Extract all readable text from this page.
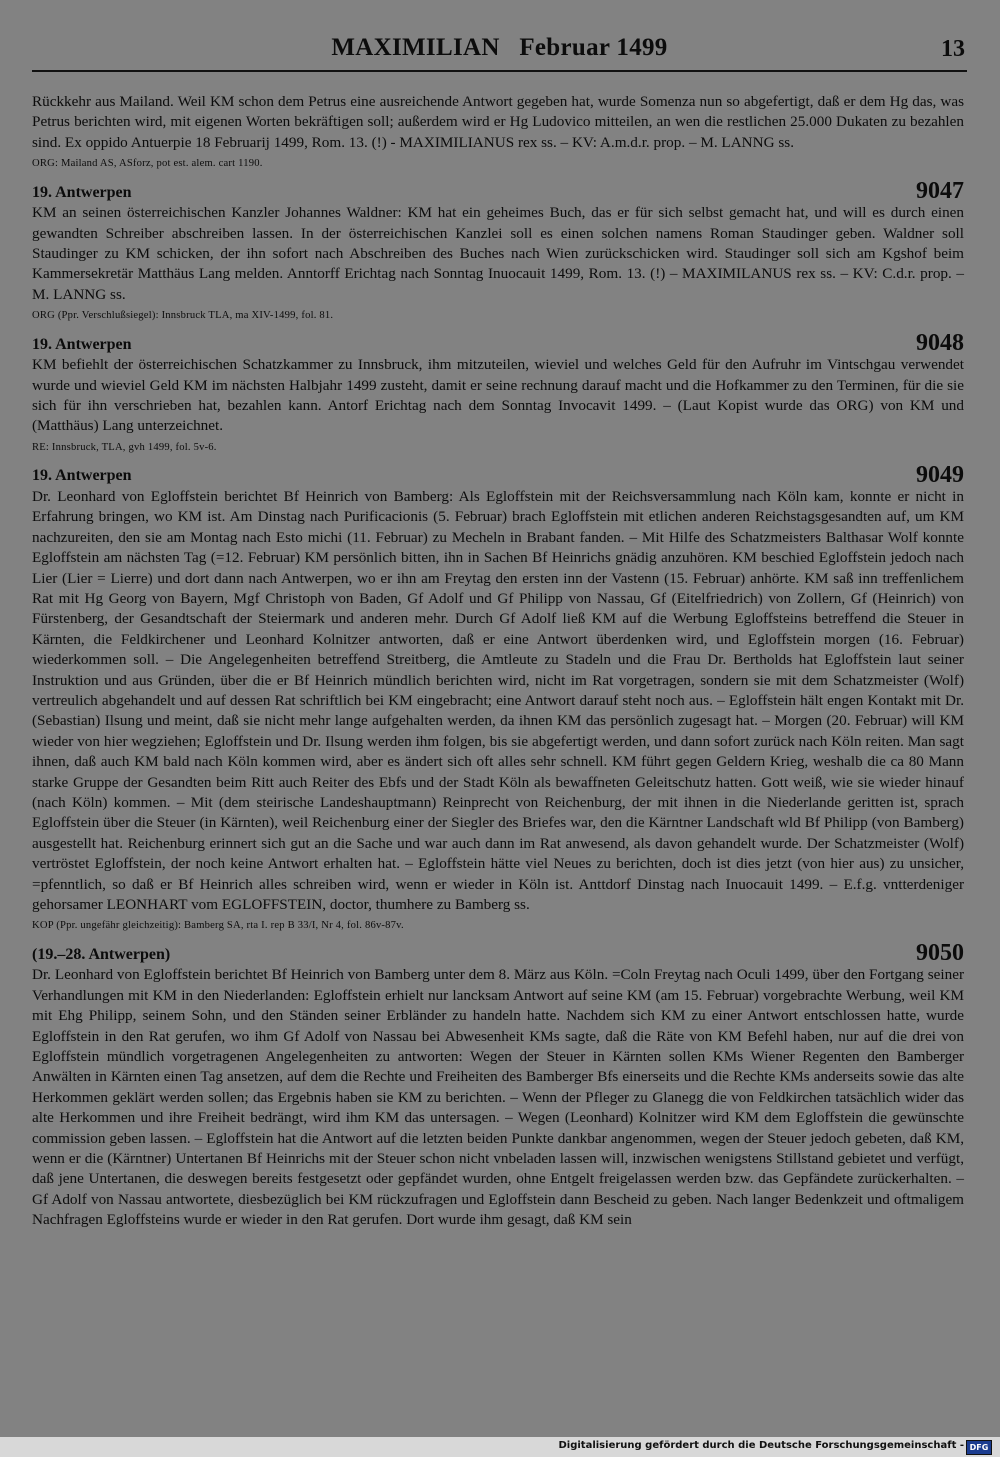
MAXIMILIAN   Februar 1499	13

Rückkehr aus Mailand. Weil KM schon dem Petrus eine ausreichende Antwort gegeben hat, wurde Somenza nun so abgefertigt, daß er dem Hg das, was Petrus berichten wird, mit eigenen Worten bekräftigen soll; außerdem wird er Hg Ludovico mitteilen, an wen die restlichen 25.000 Dukaten zu bezahlen sind. Ex oppido Antuerpie 18 Februarij 1499, Rom. 13. (!) - MAXIMILIANUS rex ss. – KV: A.m.d.r. prop. – M. LANNG ss.

ORG: Mailand AS, ASforz, pot est. alem. cart 1190.
19. Antwerpen	9047

KM an seinen österreichischen Kanzler Johannes Waldner: KM hat ein geheimes Buch, das er für sich selbst gemacht hat, und will es durch einen gewandten Schreiber abschreiben lassen. In der österreichischen Kanzlei soll es einen solchen namens Roman Staudinger geben. Waldner soll Staudinger zu KM schicken, der ihn sofort nach Abschreiben des Buches nach Wien zurückschicken wird. Staudinger soll sich am Kgshof beim Kammersekretär Matthäus Lang melden. Anntorff Erichtag nach Sonntag Inuocauit 1499, Rom. 13. (!) – MAXIMILANUS rex ss. – KV: C.d.r. prop. – M. LANNG ss.

ORG (Ppr. Verschlußsiegel): Innsbruck TLA, ma XIV-1499, fol. 81.
19. Antwerpen	9048

KM befiehlt der österreichischen Schatzkammer zu Innsbruck, ihm mitzuteilen, wieviel und welches Geld für den Aufruhr im Vintschgau verwendet wurde und wieviel Geld KM im nächsten Halbjahr 1499 zusteht, damit er seine rechnung darauf macht und die Hofkammer zu den Terminen, für die sie sich für ihn verschrieben hat, bezahlen kann. Antorf Erichtag nach dem Sonntag Invocavit 1499. – (Laut Kopist wurde das ORG) von KM und (Matthäus) Lang unterzeichnet.

RE: Innsbruck, TLA, gvh 1499, fol. 5v-6.
19. Antwerpen	9049

Dr. Leonhard von Egloffstein berichtet Bf Heinrich von Bamberg: Als Egloffstein mit der Reichsversammlung nach Köln kam, konnte er nicht in Erfahrung bringen, wo KM ist. Am Dinstag nach Purificacionis (5. Februar) brach Egloffstein mit etlichen anderen Reichstagsgesandten auf, um KM nachzureiten, den sie am Montag nach Esto michi (11. Februar) zu Mecheln in Brabant fanden. – Mit Hilfe des Schatzmeisters Balthasar Wolf konnte Egloffstein am nächsten Tag (=12. Februar) KM persönlich bitten, ihn in Sachen Bf Heinrichs gnädig anzuhören. KM beschied Egloffstein jedoch nach Lier (Lier = Lierre) und dort dann nach Antwerpen, wo er ihn am Freytag den ersten inn der Vastenn (15. Februar) anhörte. KM saß inn treffenlichem Rat mit Hg Georg von Bayern, Mgf Christoph von Baden, Gf Adolf und Gf Philipp von Nassau, Gf (Eitelfriedrich) von Zollern, Gf (Heinrich) von Fürstenberg, der Gesandtschaft der Steiermark und anderen mehr. Durch Gf Adolf ließ KM auf die Werbung Egloffsteins betreffend die Steuer in Kärnten, die Feldkirchener und Leonhard Kolnitzer antworten, daß er eine Antwort überdenken wird, und Egloffstein morgen (16. Februar) wiederkommen soll. – Die Angelegenheiten betreffend Streitberg, die Amtleute zu Stadeln und die Frau Dr. Bertholds hat Egloffstein laut seiner Instruktion und aus Gründen, über die er Bf Heinrich mündlich berichten wird, nicht im Rat vorgetragen, sondern sie mit dem Schatzmeister (Wolf) vertreulich abgehandelt und auf dessen Rat schriftlich bei KM eingebracht; eine Antwort darauf steht noch aus. – Egloffstein hält engen Kontakt mit Dr. (Sebastian) Ilsung und meint, daß sie nicht mehr lange aufgehalten werden, da ihnen KM das persönlich zugesagt hat. – Morgen (20. Februar) will KM wieder von hier wegziehen; Egloffstein und Dr. Ilsung werden ihm folgen, bis sie abgefertigt werden, und dann sofort zurück nach Köln reiten. Man sagt ihnen, daß auch KM bald nach Köln kommen wird, aber es ändert sich oft alles sehr schnell. KM führt gegen Geldern Krieg, weshalb die ca 80 Mann starke Gruppe der Gesandten beim Ritt auch Reiter des Ebfs und der Stadt Köln als bewaffneten Geleitschutz hatten. Gott weiß, wie sie wieder hinauf (nach Köln) kommen. – Mit (dem steirische Landeshauptmann) Reinprecht von Reichenburg, der mit ihnen in die Niederlande geritten ist, sprach Egloffstein über die Steuer (in Kärnten), weil Reichenburg einer der Siegler des Briefes war, den die Kärntner Landschaft wld Bf Philipp (von Bamberg) ausgestellt hat. Reichenburg erinnert sich gut an die Sache und war auch dann im Rat anwesend, als davon gehandelt wurde. Der Schatzmeister (Wolf) vertröstet Egloffstein, der noch keine Antwort erhalten hat. – Egloffstein hätte viel Neues zu berichten, doch ist dies jetzt (von hier aus) zu unsicher, =pfenntlich, so daß er Bf Heinrich alles schreiben wird, wenn er wieder in Köln ist. Anttdorf Dinstag nach Inuocauit 1499. – E.f.g. vntterdeniger gehorsamer LEONHART vom EGLOFFSTEIN, doctor, thumhere zu Bamberg ss.

KOP (Ppr. ungefähr gleichzeitig): Bamberg SA, rta I. rep B 33/I, Nr 4, fol. 86v-87v.
(19.–28. Antwerpen)	9050

Dr. Leonhard von Egloffstein berichtet Bf Heinrich von Bamberg unter dem 8. März aus Köln. =Coln Freytag nach Oculi 1499, über den Fortgang seiner Verhandlungen mit KM in den Niederlanden: Egloffstein erhielt nur lancksam Antwort auf seine KM (am 15. Februar) vorgebrachte Werbung, weil KM mit Ehg Philipp, seinem Sohn, und den Ständen seiner Erbländer zu handeln hatte. Nachdem sich KM zu einer Antwort entschlossen hatte, wurde Egloffstein in den Rat gerufen, wo ihm Gf Adolf von Nassau bei Abwesenheit KMs sagte, daß die Räte von KM Befehl haben, nur auf die drei von Egloffstein mündlich vorgetragenen Angelegenheiten zu antworten: Wegen der Steuer in Kärnten sollen KMs Wiener Regenten den Bamberger Anwälten in Kärnten einen Tag ansetzen, auf dem die Rechte und Freiheiten des Bamberger Bfs einerseits und die Rechte KMs anderseits sowie das alte Herkommen geklärt werden sollen; das Ergebnis haben sie KM zu berichten. – Wenn der Pfleger zu Glanegg die von Feldkirchen tatsächlich wider das alte Herkommen und ihre Freiheit bedrängt, wird ihm KM das untersagen. – Wegen (Leonhard) Kolnitzer wird KM dem Egloffstein die gewünschte commission geben lassen. – Egloffstein hat die Antwort auf die letzten beiden Punkte dankbar angenommen, wegen der Steuer jedoch gebeten, daß KM, wenn er die (Kärntner) Untertanen Bf Heinrichs mit der Steuer schon nicht vnbeladen lassen will, inzwischen wenigstens Stillstand gebietet und verfügt, daß jene Untertanen, die deswegen bereits festgesetzt oder gepfändet wurden, ohne Entgelt freigelassen werden bzw. das Gepfändete zurückerhalten. – Gf Adolf von Nassau antwortete, diesbezüglich bei KM rückzufragen und Egloffstein dann Bescheid zu geben. Nach langer Bedenkzeit und oftmaligem Nachfragen Egloffsteins wurde er wieder in den Rat gerufen. Dort wurde ihm gesagt, daß KM sein

Digitalisierung gefördert durch die Deutsche Forschungsgemeinschaft - DFG
